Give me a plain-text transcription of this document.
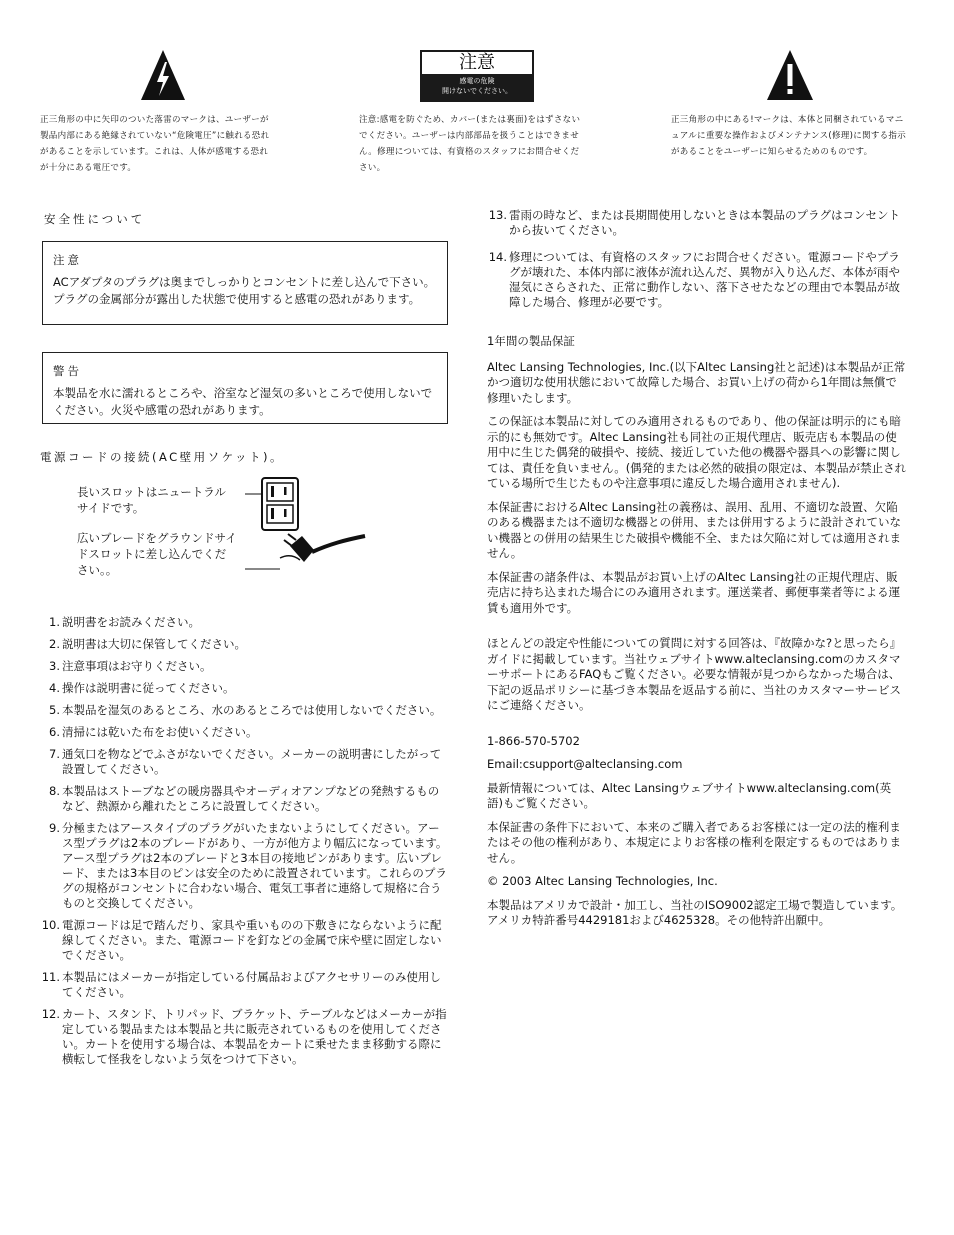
注意
感電の危険
開けないでください。
正三角形の中に矢印のついた落雷のマークは、ユーザーが製品内部にある絶縁されていない“危険電圧”に触れる恐れがあることを示しています。これは、人体が感電する恐れが十分にある電圧です。
注意:感電を防ぐため、カバー(または裏面)をはずさないでください。ユーザーは内部部品を扱うことはできません。修理については、有資格のスタッフにお問合せください。
正三角形の中にある!マークは、本体と同梱されているマニュアルに重要な操作およびメンテナンス(修理)に関する指示があることをユーザーに知らせるためのものです。
安全性について
注意
ACアダプタのプラグは奥までしっかりとコンセントに差し込んで下さい。プラグの金属部分が露出した状態で使用すると感電の恐れがあります。
警告
本製品を水に濡れるところや、浴室など湿気の多いところで使用しないでください。火災や感電の恐れがあります。
電源コードの接続(AC壁用ソケット)。
長いスロットはニュートラルサイドです。
広いブレードをグラウンドサイドスロットに差し込んでください。。
1. 説明書をお読みください。
2. 説明書は大切に保管してください。
3. 注意事項はお守りください。
4. 操作は説明書に従ってください。
5. 本製品を湿気のあるところ、水のあるところでは使用しないでください。
6. 清掃には乾いた布をお使いください。
7. 通気口を物などでふさがないでください。メーカーの説明書にしたがって設置してください。
8. 本製品はストーブなどの暖房器具やオーディオアンプなどの発熱するものなど、熱源から離れたところに設置してください。
9. 分極またはアースタイプのプラグがいたまないようにしてください。アース型プラグは2本のブレードがあり、一方が他方より幅広になっています。アース型プラグは2本のブレードと3本目の接地ピンがあります。広いブレード、または3本目のピンは安全のために設置されています。これらのプラグの規格がコンセントに合わない場合、電気工事者に連絡して規格に合うものと交換してください。
10. 電源コードは足で踏んだり、家具や重いものの下敷きにならないように配線してください。また、電源コードを釘などの金属で床や壁に固定しないでください。
11. 本製品にはメーカーが指定している付属品およびアクセサリーのみ使用してください。
12. カート、スタンド、トリパッド、ブラケット、テーブルなどはメーカーが指定している製品または本製品と共に販売されているものを使用してください。カートを使用する場合は、本製品をカートに乗せたまま移動する際に横転して怪我をしないよう気をつけて下さい。
13. 雷雨の時など、または長期間使用しないときは本製品のプラグはコンセントから抜いてください。
14. 修理については、有資格のスタッフにお問合せください。電源コードやプラグが壊れた、本体内部に液体が流れ込んだ、異物が入り込んだ、本体が雨や湿気にさらされた、正常に動作しない、落下させたなどの理由で本製品が故障した場合、修理が必要です。

1年間の製品保証

Altec Lansing Technologies, Inc.(以下Altec Lansing社と記述)は本製品が正常かつ適切な使用状態において故障した場合、お買い上げの荷から1年間は無償で修理いたします。

この保証は本製品に対してのみ適用されるものであり、他の保証は明示的にも暗示的にも無効です。Altec Lansing社も同社の正規代理店、販売店も本製品の使用中に生じた偶発的破損や、接続、接近していた他の機器や器具への影響に関しては、責任を負いません。(偶発的または必然的破損の限定は、本製品が禁止されている場所で生じたものや注意事項に違反した場合適用されません).

本保証書におけるAltec Lansing社の義務は、誤用、乱用、不適切な設置、欠陥のある機器または不適切な機器との併用、または併用するように設計されていない機器との併用の結果生じた破損や機能不全、または欠陥に対しては適用されません。

本保証書の諸条件は、本製品がお買い上げのAltec Lansing社の正規代理店、販売店に持ち込まれた場合にのみ適用されます。運送業者、郵便事業者等による運賃も適用外です。

ほとんどの設定や性能についての質問に対する回答は、『故障かな?と思ったら』ガイドに掲載しています。当社ウェブサイトwww.alteclansing.comのカスタマーサポートにあるFAQもご覧ください。必要な情報が見つからなかった場合は、下記の返品ポリシーに基づき本製品を返品する前に、当社のカスタマーサービスにご連絡ください。

1-866-570-5702

Email:csupport@alteclansing.com

最新情報については、Altec Lansingウェブサイトwww.alteclansing.com(英語)もご覧ください。

本保証書の条件下において、本来のご購入者であるお客様には一定の法的権利またはその他の権利があり、本規定によりお客様の権利を限定するものではありません。

© 2003 Altec Lansing Technologies, Inc.

本製品はアメリカで設計・加工し、当社のISO9002認定工場で製造しています。アメリカ特許番号4429181および4625328。その他特許出願中。
